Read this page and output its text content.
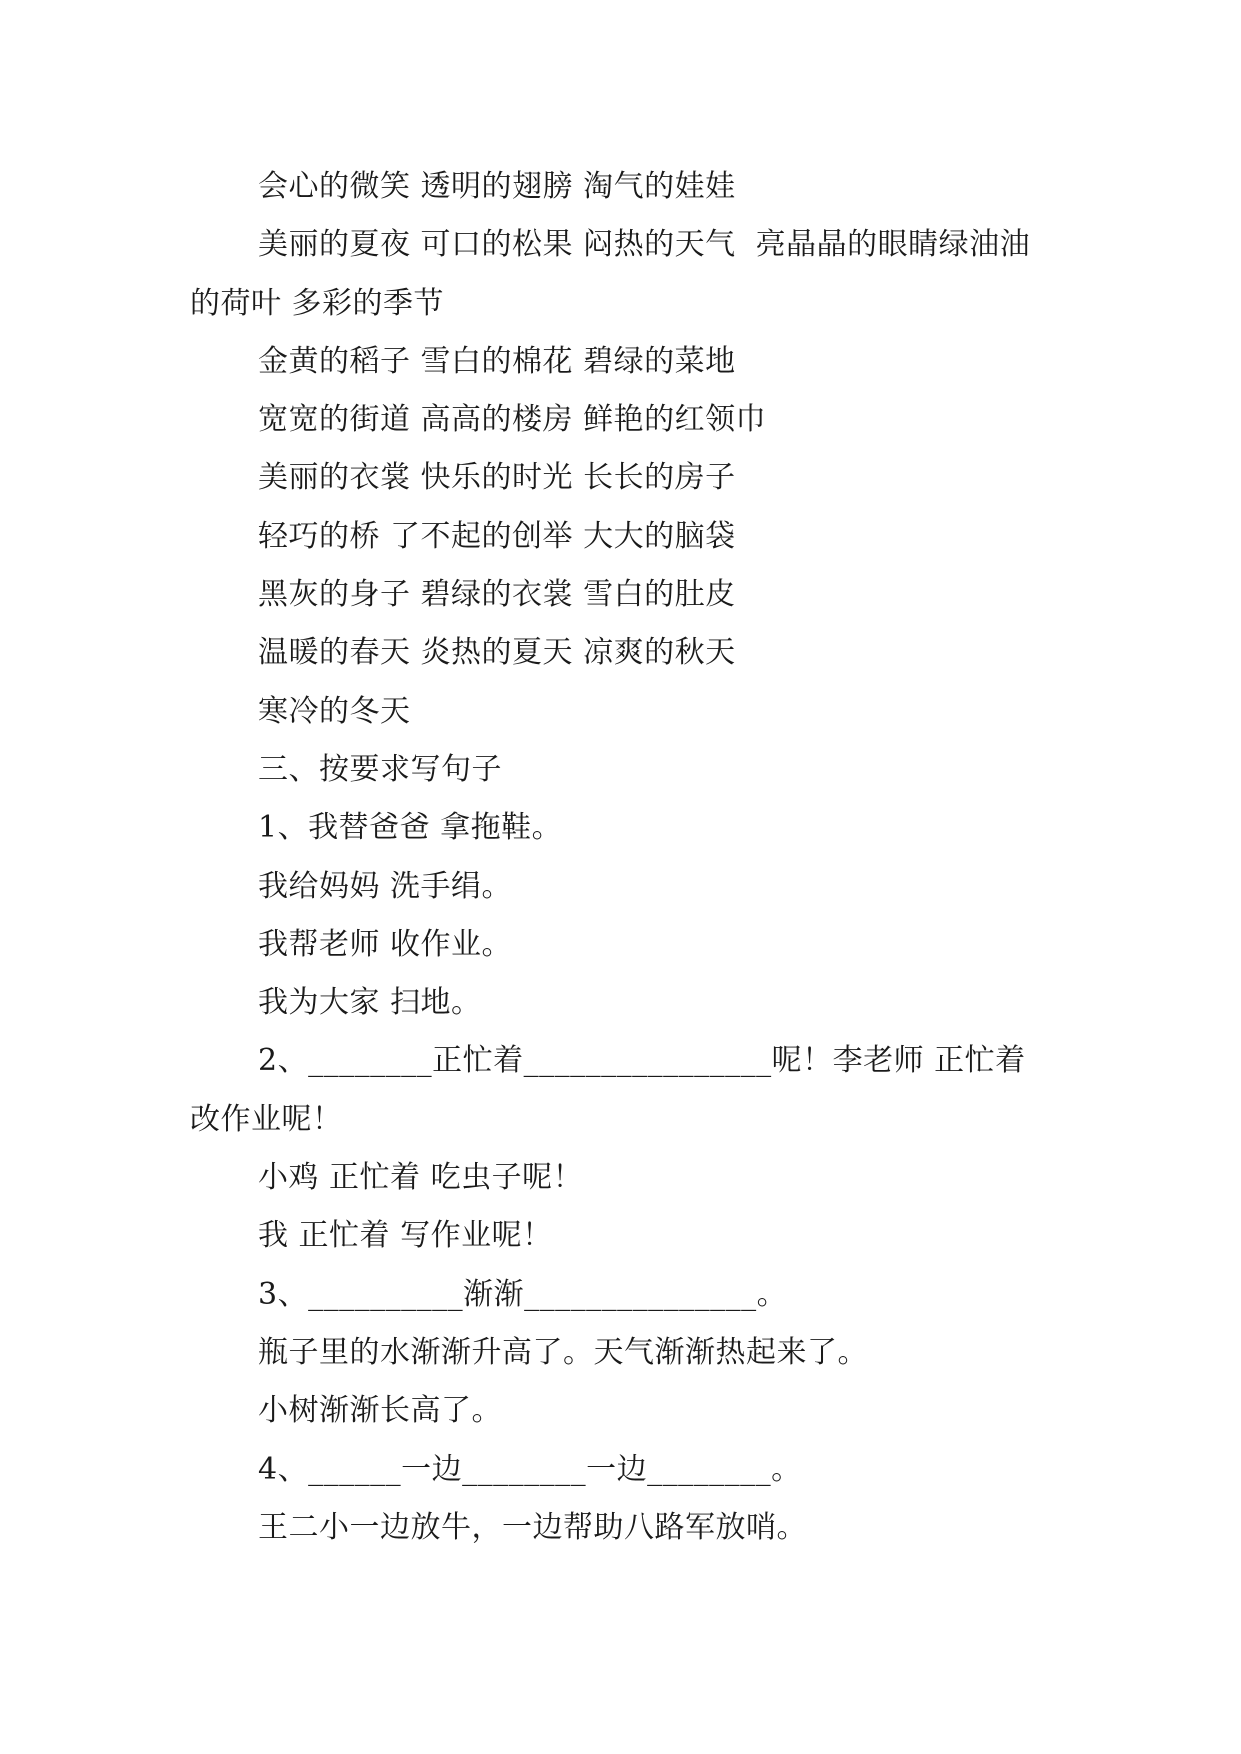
会心的微笑 透明的翅膀 淘气的娃娃

美丽的夏夜 可口的松果 闷热的天气  亮晶晶的眼睛绿油油的荷叶 多彩的季节

金黄的稻子 雪白的棉花 碧绿的菜地

宽宽的街道 高高的楼房 鲜艳的红领巾

美丽的衣裳 快乐的时光 长长的房子

轻巧的桥 了不起的创举 大大的脑袋

黑灰的身子 碧绿的衣裳 雪白的肚皮

温暖的春天 炎热的夏天 凉爽的秋天

寒冷的冬天

三、按要求写句子

1、我替爸爸 拿拖鞋。

我给妈妈 洗手绢。

我帮老师 收作业。

我为大家 扫地。

2、________正忙着________________呢！李老师 正忙着 改作业呢！

小鸡 正忙着 吃虫子呢！

我 正忙着 写作业呢！

3、__________渐渐_______________。

瓶子里的水渐渐升高了。天气渐渐热起来了。

小树渐渐长高了。

4、______一边________一边________。

王二小一边放牛，一边帮助八路军放哨。
